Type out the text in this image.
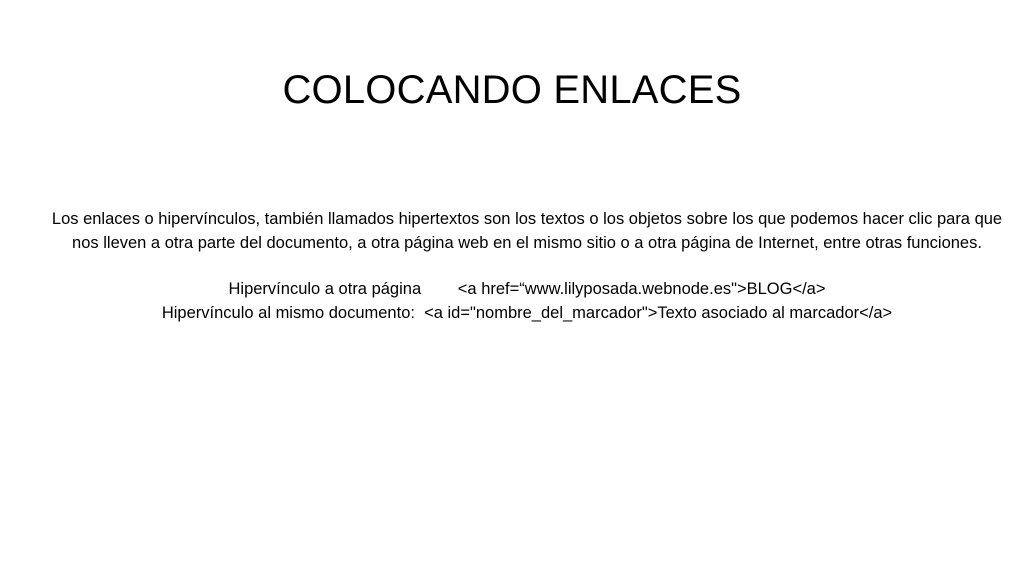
COLOCANDO ENLACES

Los enlaces o hipervínculos, también llamados hipertextos son los textos o los objetos sobre los que podemos hacer clic para que nos lleven a otra parte del documento, a otra página web en el mismo sitio o a otra página de Internet, entre otras funciones.

Hipervínculo a otra página        <a href=“www.lilyposada.webnode.es">BLOG</a>

Hipervínculo al mismo documento:  <a id="nombre_del_marcador">Texto asociado al marcador</a>
